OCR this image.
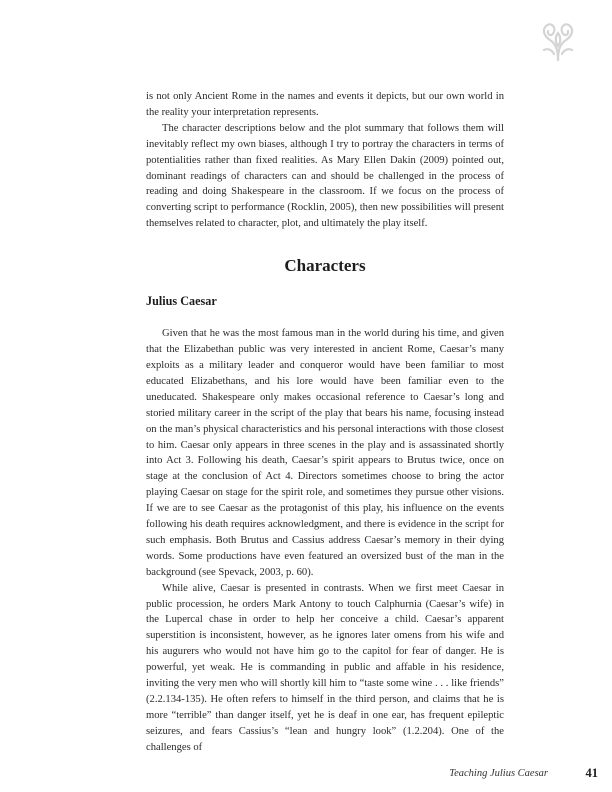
is not only Ancient Rome in the names and events it depicts, but our own world in the reality your interpretation represents.

The character descriptions below and the plot summary that follows them will inevitably reflect my own biases, although I try to portray the characters in terms of potentialities rather than fixed realities. As Mary Ellen Dakin (2009) pointed out, dominant readings of characters can and should be challenged in the process of reading and doing Shakespeare in the classroom. If we focus on the process of converting script to performance (Rocklin, 2005), then new possibilities will present themselves related to character, plot, and ultimately the play itself.

Characters
Julius Caesar

Given that he was the most famous man in the world during his time, and given that the Elizabethan public was very interested in ancient Rome, Caesar’s many exploits as a military leader and conqueror would have been familiar to most educated Elizabethans, and his lore would have been familiar even to the uneducated. Shakespeare only makes occasional reference to Caesar’s long and storied military career in the script of the play that bears his name, focusing instead on the man’s physical characteristics and his personal interactions with those closest to him. Caesar only appears in three scenes in the play and is assassinated shortly into Act 3. Following his death, Caesar’s spirit appears to Brutus twice, once on stage at the conclusion of Act 4. Directors sometimes choose to bring the actor playing Caesar on stage for the spirit role, and sometimes they pursue other visions. If we are to see Caesar as the protagonist of this play, his influence on the events following his death requires acknowledgment, and there is evidence in the script for such emphasis. Both Brutus and Cassius address Caesar’s memory in their dying words. Some productions have even featured an oversized bust of the man in the background (see Spevack, 2003, p. 60).

While alive, Caesar is presented in contrasts. When we first meet Caesar in public procession, he orders Mark Antony to touch Calphurnia (Caesar’s wife) in the Lupercal chase in order to help her conceive a child. Caesar’s apparent superstition is inconsistent, however, as he ignores later omens from his wife and his augurers who would not have him go to the capitol for fear of danger. He is powerful, yet weak. He is commanding in public and affable in his residence, inviting the very men who will shortly kill him to “taste some wine . . . like friends” (2.2.134-135). He often refers to himself in the third person, and claims that he is more “terrible” than danger itself, yet he is deaf in one ear, has frequent epileptic seizures, and fears Cassius’s “lean and hungry look” (1.2.204). One of the challenges of

Teaching Julius Caesar	41
